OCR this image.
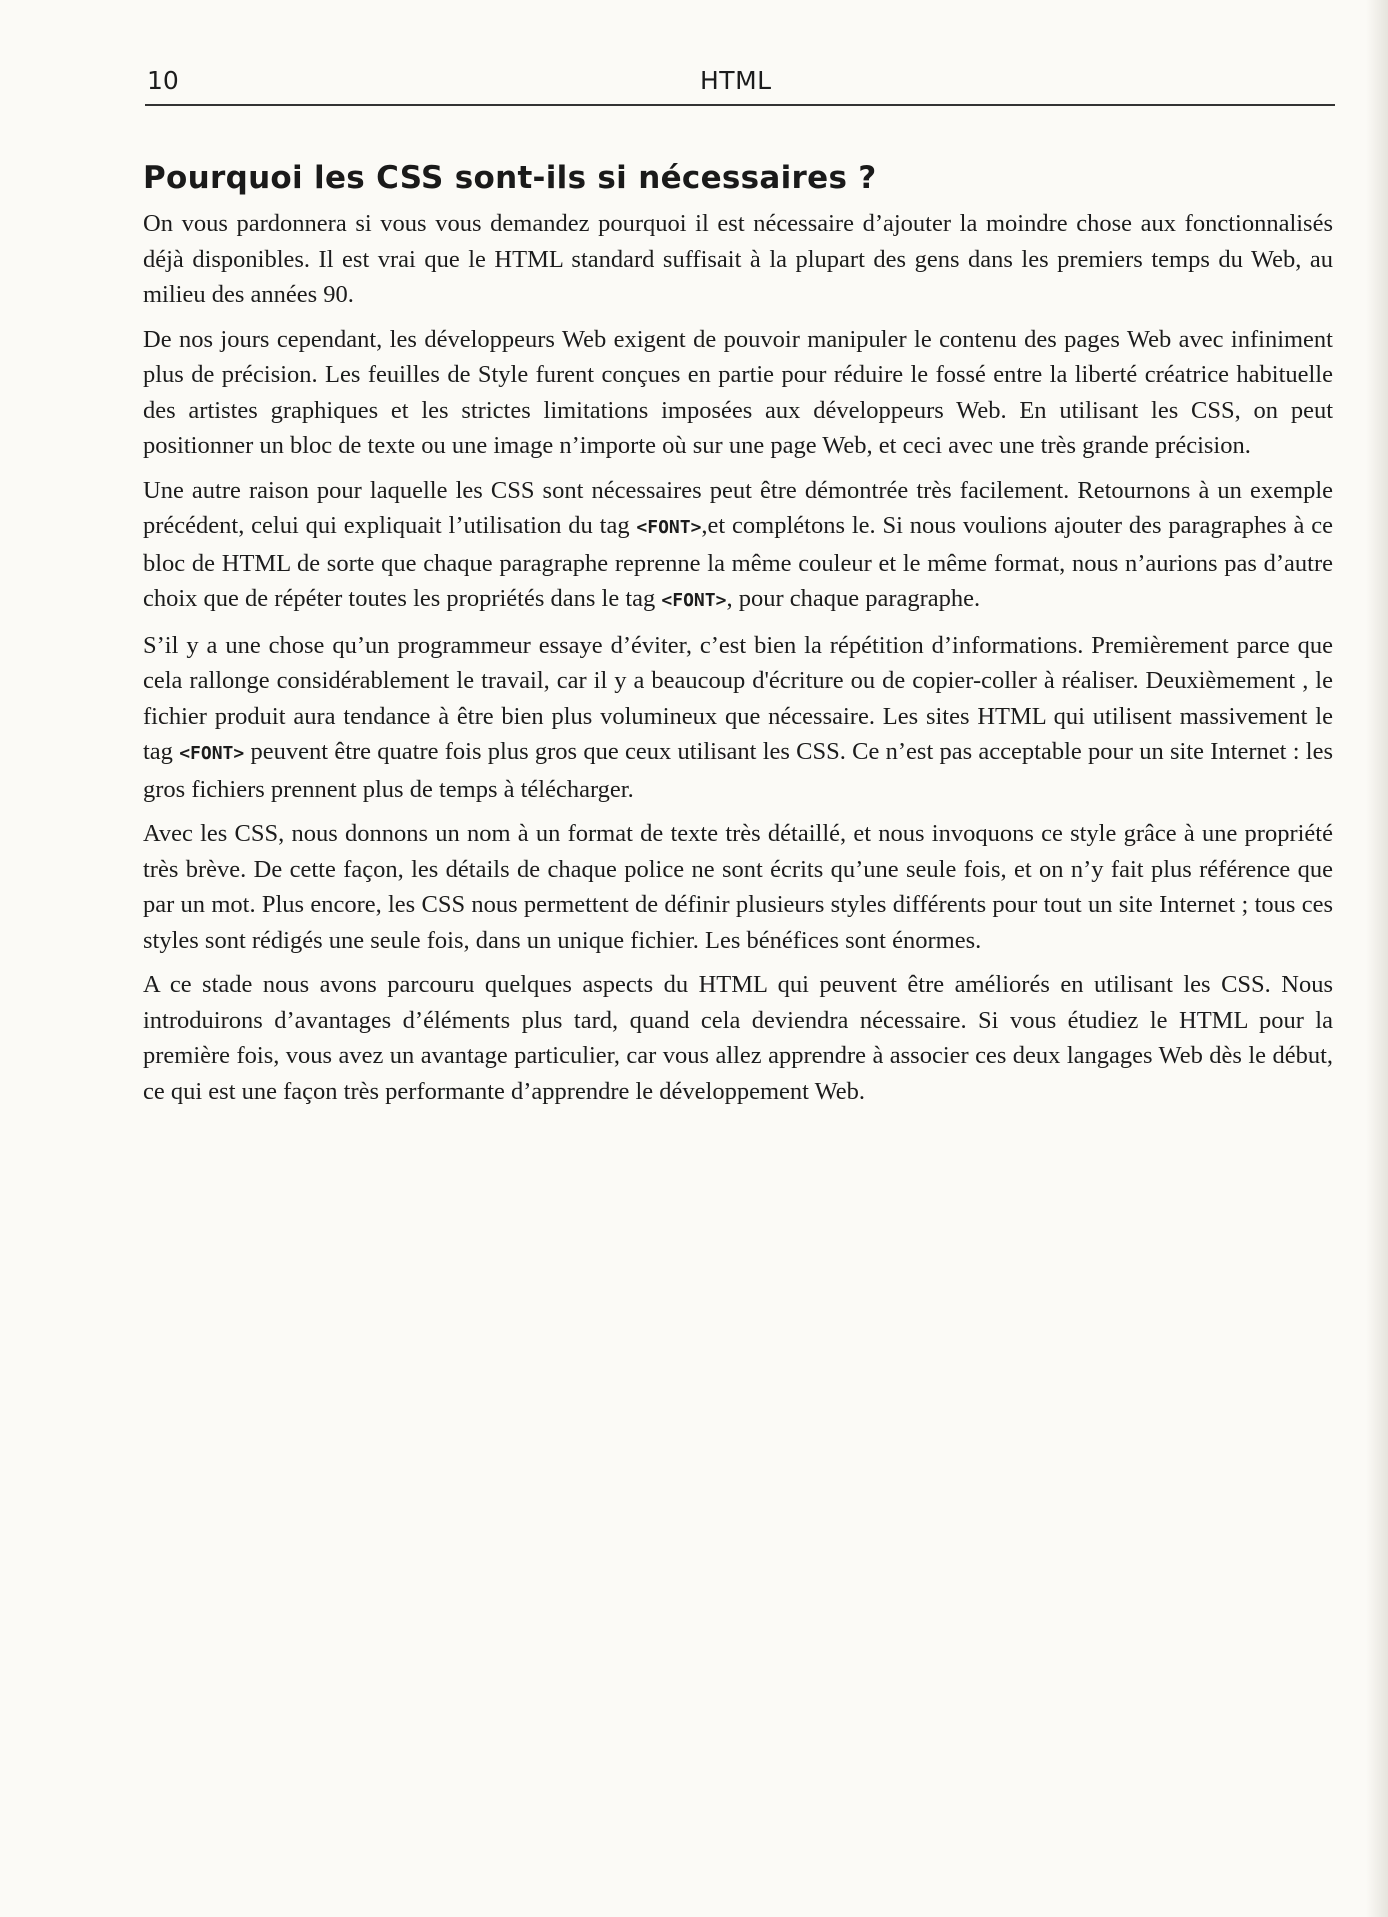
10	HTML
Pourquoi les CSS sont-ils si nécessaires ?

On vous pardonnera si vous vous demandez pourquoi il est nécessaire d’ajouter la moindre chose aux fonctionnalisés déjà disponibles. Il est vrai que le HTML standard suffisait à la plupart des gens dans les premiers temps du Web, au milieu des années 90.

De nos jours cependant, les développeurs Web exigent de pouvoir manipuler le contenu des pages Web avec infiniment plus de précision. Les feuilles de Style furent conçues en partie pour réduire le fossé entre la liberté créatrice habituelle des artistes graphiques et les strictes limitations imposées aux développeurs Web. En utilisant les CSS, on peut positionner un bloc de texte ou une image n’importe où sur une page Web, et ceci avec une très grande précision.

Une autre raison pour laquelle les CSS sont nécessaires peut être démontrée très facilement. Retournons à un exemple précédent, celui qui expliquait l’utilisation du tag <FONT>,et complétons le. Si nous voulions ajouter des paragraphes à ce bloc de HTML de sorte que chaque paragraphe reprenne la même couleur et le même format, nous n’aurions pas d’autre choix que de répéter toutes les propriétés dans le tag <FONT>, pour chaque paragraphe.

S’il y a une chose qu’un programmeur essaye d’éviter, c’est bien la répétition d’informations. Premièrement parce que cela rallonge considérablement le travail, car il y a beaucoup d'écriture ou de copier-coller à réaliser. Deuxièmement , le fichier produit aura tendance à être bien plus volumineux que nécessaire. Les sites HTML qui utilisent massivement le tag <FONT> peuvent être quatre fois plus gros que ceux utilisant les CSS. Ce n’est pas acceptable pour un site Internet : les gros fichiers prennent plus de temps à télécharger.

Avec les CSS, nous donnons un nom à un format de texte très détaillé, et nous invoquons ce style grâce à une propriété très brève. De cette façon, les détails de chaque police ne sont écrits qu’une seule fois, et on n’y fait plus référence que par un mot. Plus encore, les CSS nous permettent de définir plusieurs styles différents pour tout un site Internet ; tous ces styles sont rédigés une seule fois, dans un unique fichier. Les bénéfices sont énormes.

A ce stade nous avons parcouru quelques aspects du HTML qui peuvent être améliorés en utilisant les CSS. Nous introduirons d’avantages d’éléments plus tard, quand cela deviendra nécessaire. Si vous étudiez le HTML pour la première fois, vous avez un avantage particulier, car vous allez apprendre à associer ces deux langages Web dès le début, ce qui est une façon très performante d’apprendre le développement Web.
